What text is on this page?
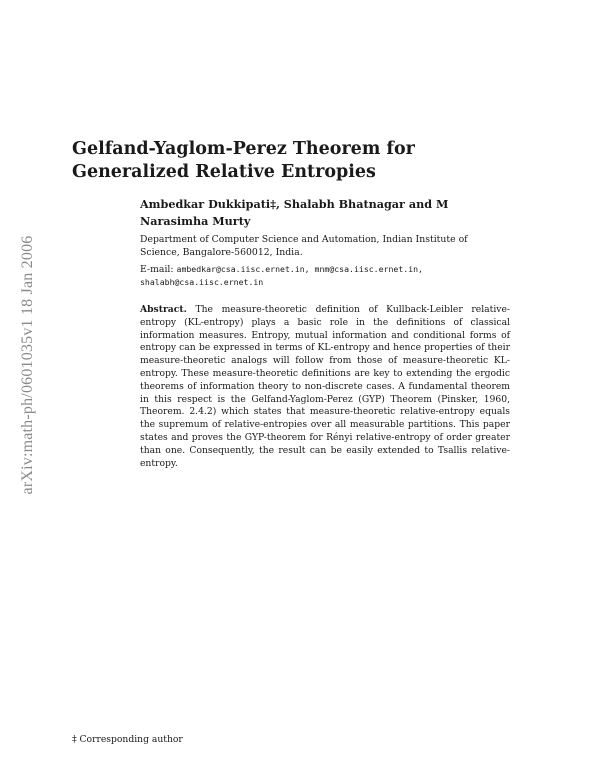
arXiv:math-ph/0601035v1 18 Jan 2006
Gelfand-Yaglom-Perez Theorem for Generalized Relative Entropies
Ambedkar Dukkipati‡, Shalabh Bhatnagar and M Narasimha Murty
Department of Computer Science and Automation, Indian Institute of Science, Bangalore-560012, India.
E-mail: ambedkar@csa.iisc.ernet.in, mnm@csa.iisc.ernet.in, shalabh@csa.iisc.ernet.in
Abstract. The measure-theoretic definition of Kullback-Leibler relative-entropy (KL-entropy) plays a basic role in the definitions of classical information measures. Entropy, mutual information and conditional forms of entropy can be expressed in terms of KL-entropy and hence properties of their measure-theoretic analogs will follow from those of measure-theoretic KL-entropy. These measure-theoretic definitions are key to extending the ergodic theorems of information theory to non-discrete cases. A fundamental theorem in this respect is the Gelfand-Yaglom-Perez (GYP) Theorem (Pinsker, 1960, Theorem. 2.4.2) which states that measure-theoretic relative-entropy equals the supremum of relative-entropies over all measurable partitions. This paper states and proves the GYP-theorem for Rényi relative-entropy of order greater than one. Consequently, the result can be easily extended to Tsallis relative-entropy.
‡ Corresponding author
